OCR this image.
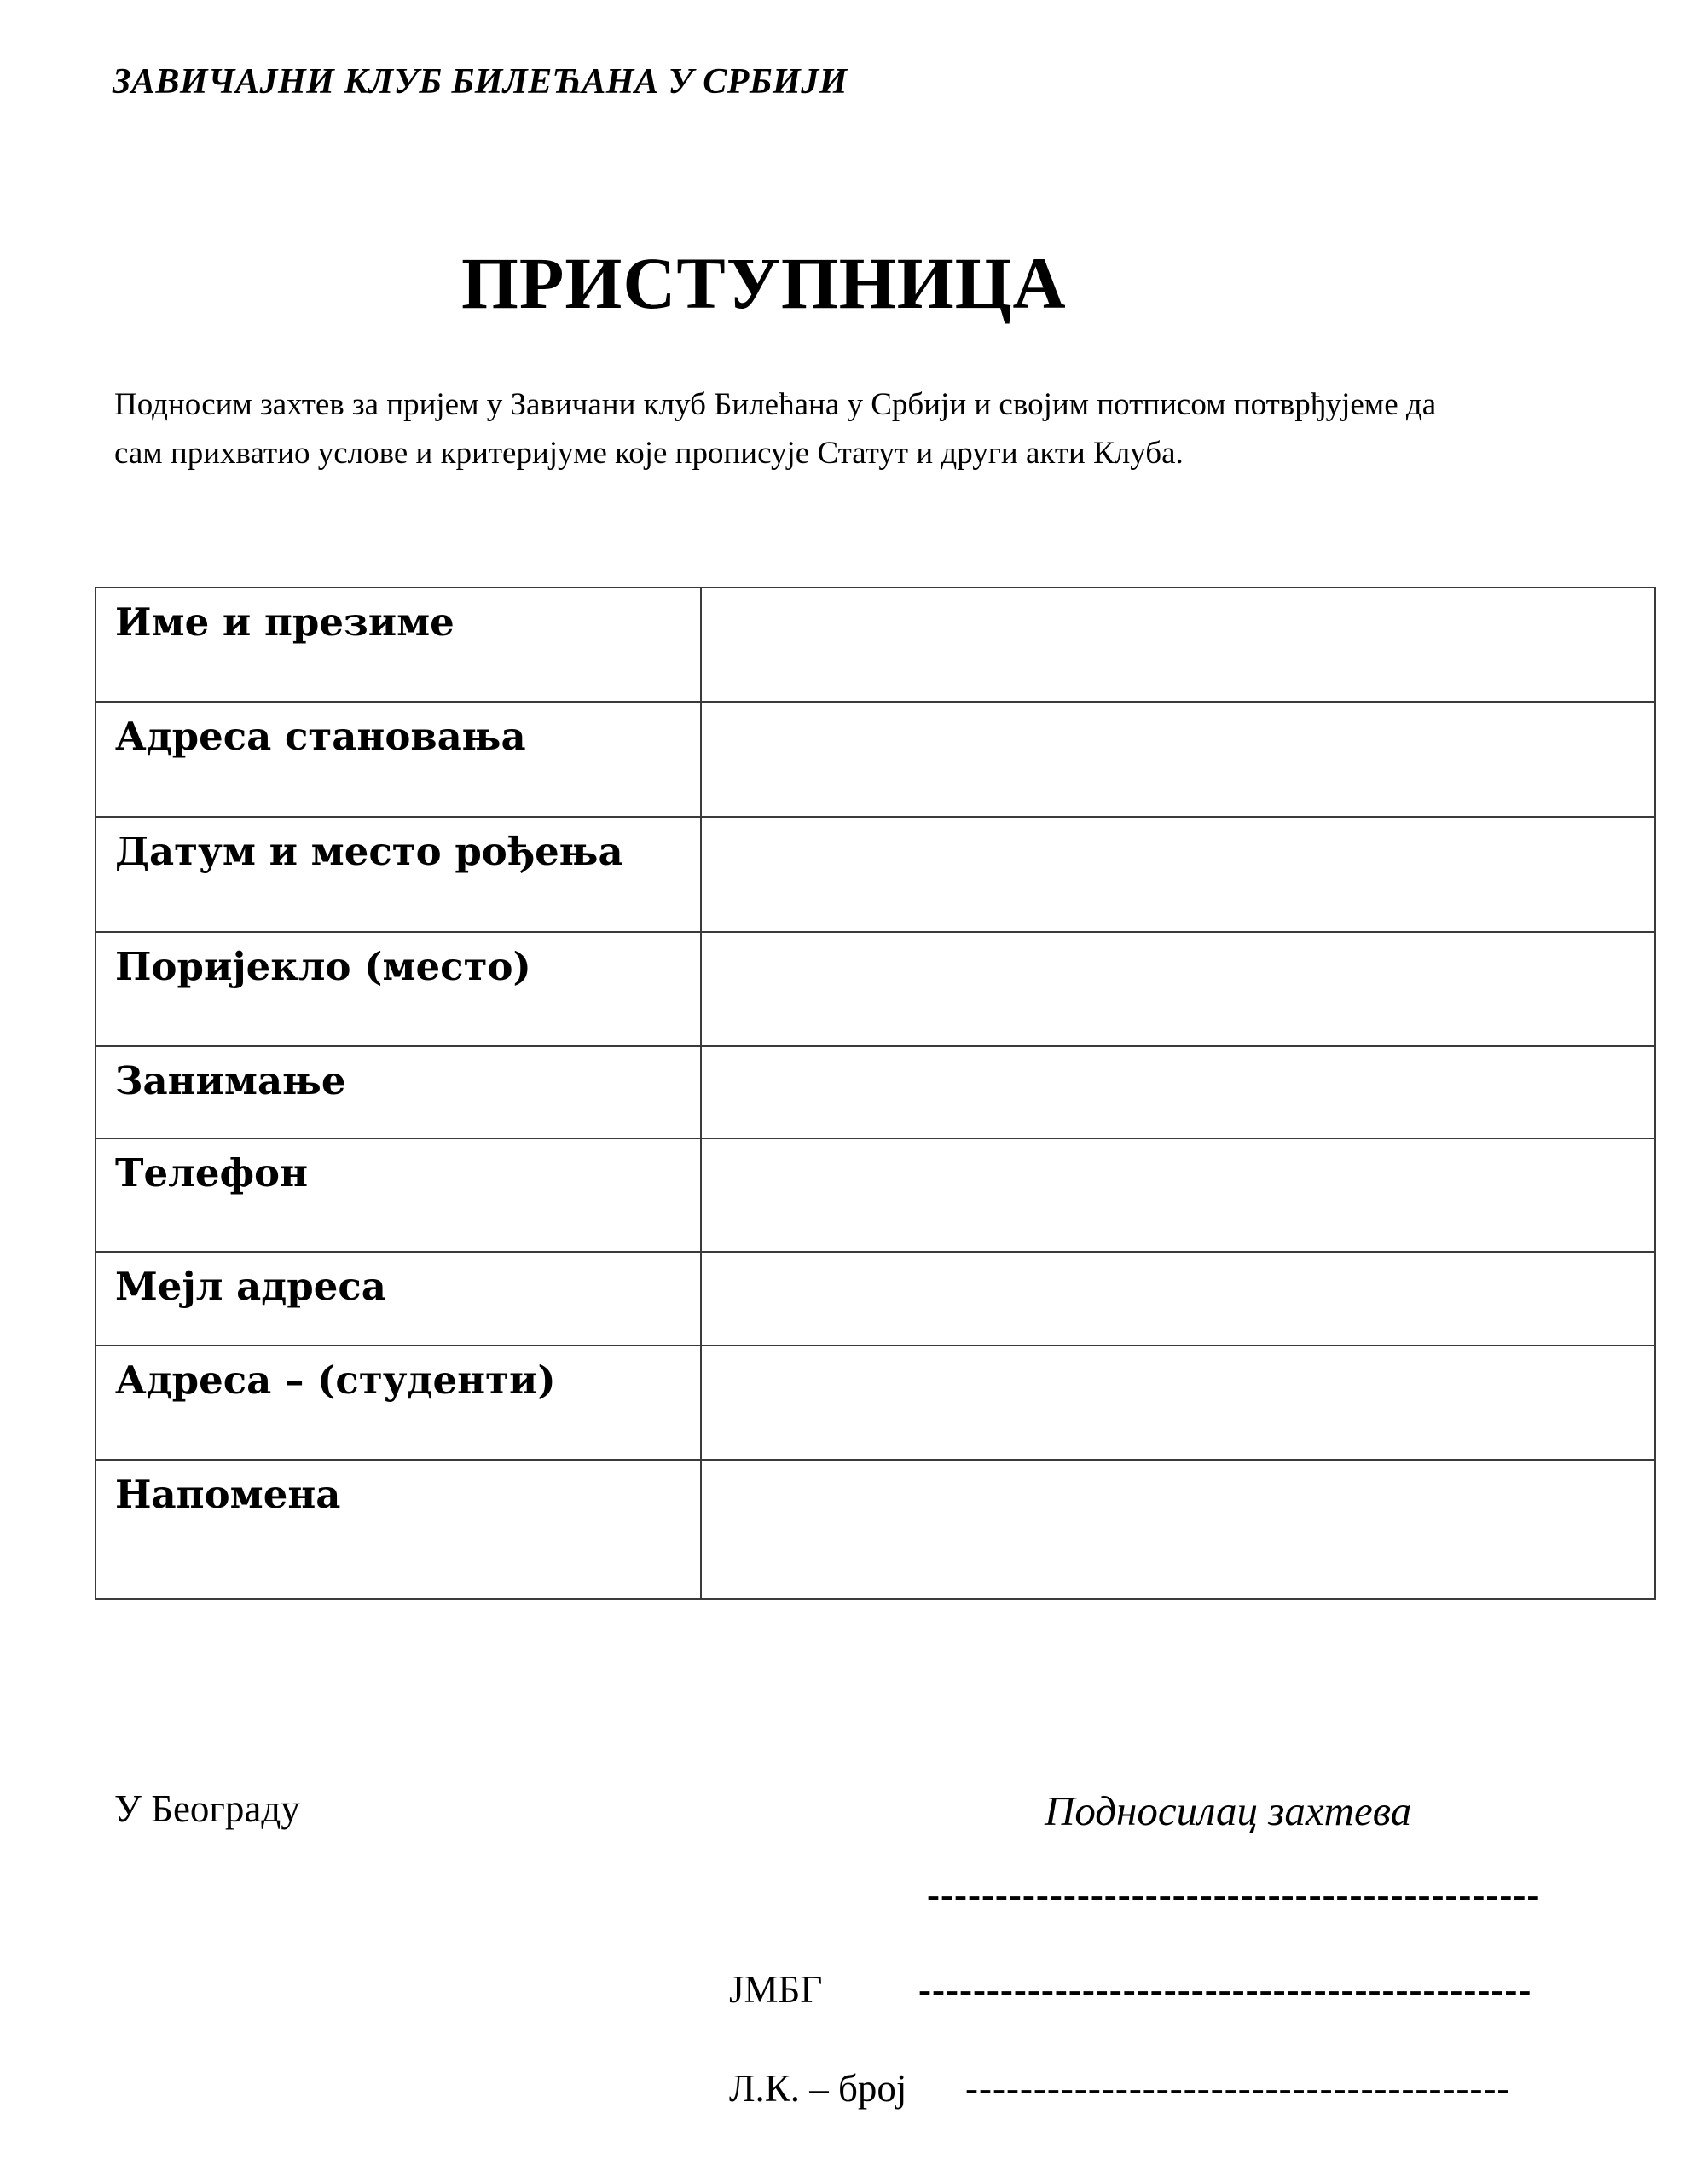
ЗАВИЧАЈНИ КЛУБ БИЛЕЋАНА У СРБИЈИ
ПРИСТУПНИЦА

Подносим захтев за пријем у Завичани клуб Билећана у Србији и својим потписом потврђујеме да

сам прихватио услове и критеријуме које прописује Статут и други акти Клуба.

Име и презиме	
Адреса становања	
Датум и место рођења	
Поријекло (место)	
Занимање	
Телефон	
Мејл адреса	
Адреса – (студенти)	
Напомена	
У Београду	Подносилац захтева
---------------------------------------------
ЈМБГ	---------------------------------------------
Л.К. – број ----------------------------------------
